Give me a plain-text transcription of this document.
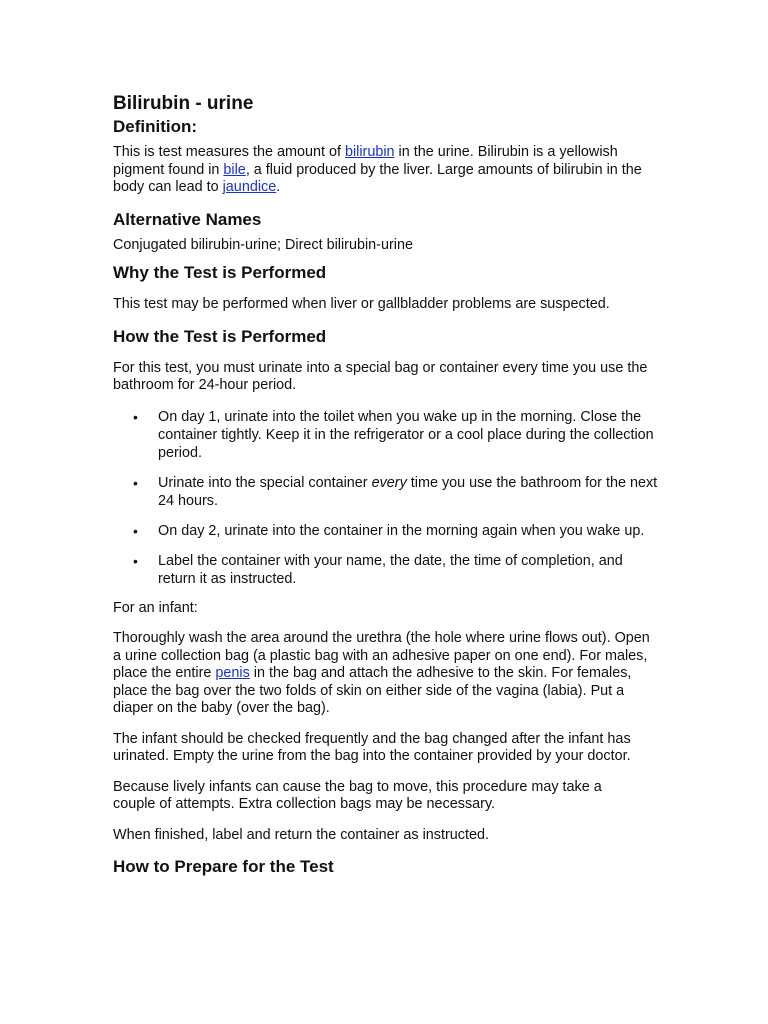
Bilirubin - urine
Definition:

This is test measures the amount of bilirubin in the urine. Bilirubin is a yellowish pigment found in bile, a fluid produced by the liver. Large amounts of bilirubin in the body can lead to jaundice.

Alternative Names

Conjugated bilirubin-urine; Direct bilirubin-urine

Why the Test is Performed

This test may be performed when liver or gallbladder problems are suspected.

How the Test is Performed

For this test, you must urinate into a special bag or container every time you use the bathroom for 24-hour period.

• On day 1, urinate into the toilet when you wake up in the morning. Close the container tightly. Keep it in the refrigerator or a cool place during the collection period.
• Urinate into the special container every time you use the bathroom for the next 24 hours.
• On day 2, urinate into the container in the morning again when you wake up.
• Label the container with your name, the date, the time of completion, and return it as instructed.

For an infant:

Thoroughly wash the area around the urethra (the hole where urine flows out). Open a urine collection bag (a plastic bag with an adhesive paper on one end). For males, place the entire penis in the bag and attach the adhesive to the skin. For females, place the bag over the two folds of skin on either side of the vagina (labia). Put a diaper on the baby (over the bag).

The infant should be checked frequently and the bag changed after the infant has urinated. Empty the urine from the bag into the container provided by your doctor.

Because lively infants can cause the bag to move, this procedure may take a couple of attempts. Extra collection bags may be necessary.

When finished, label and return the container as instructed.

How to Prepare for the Test
